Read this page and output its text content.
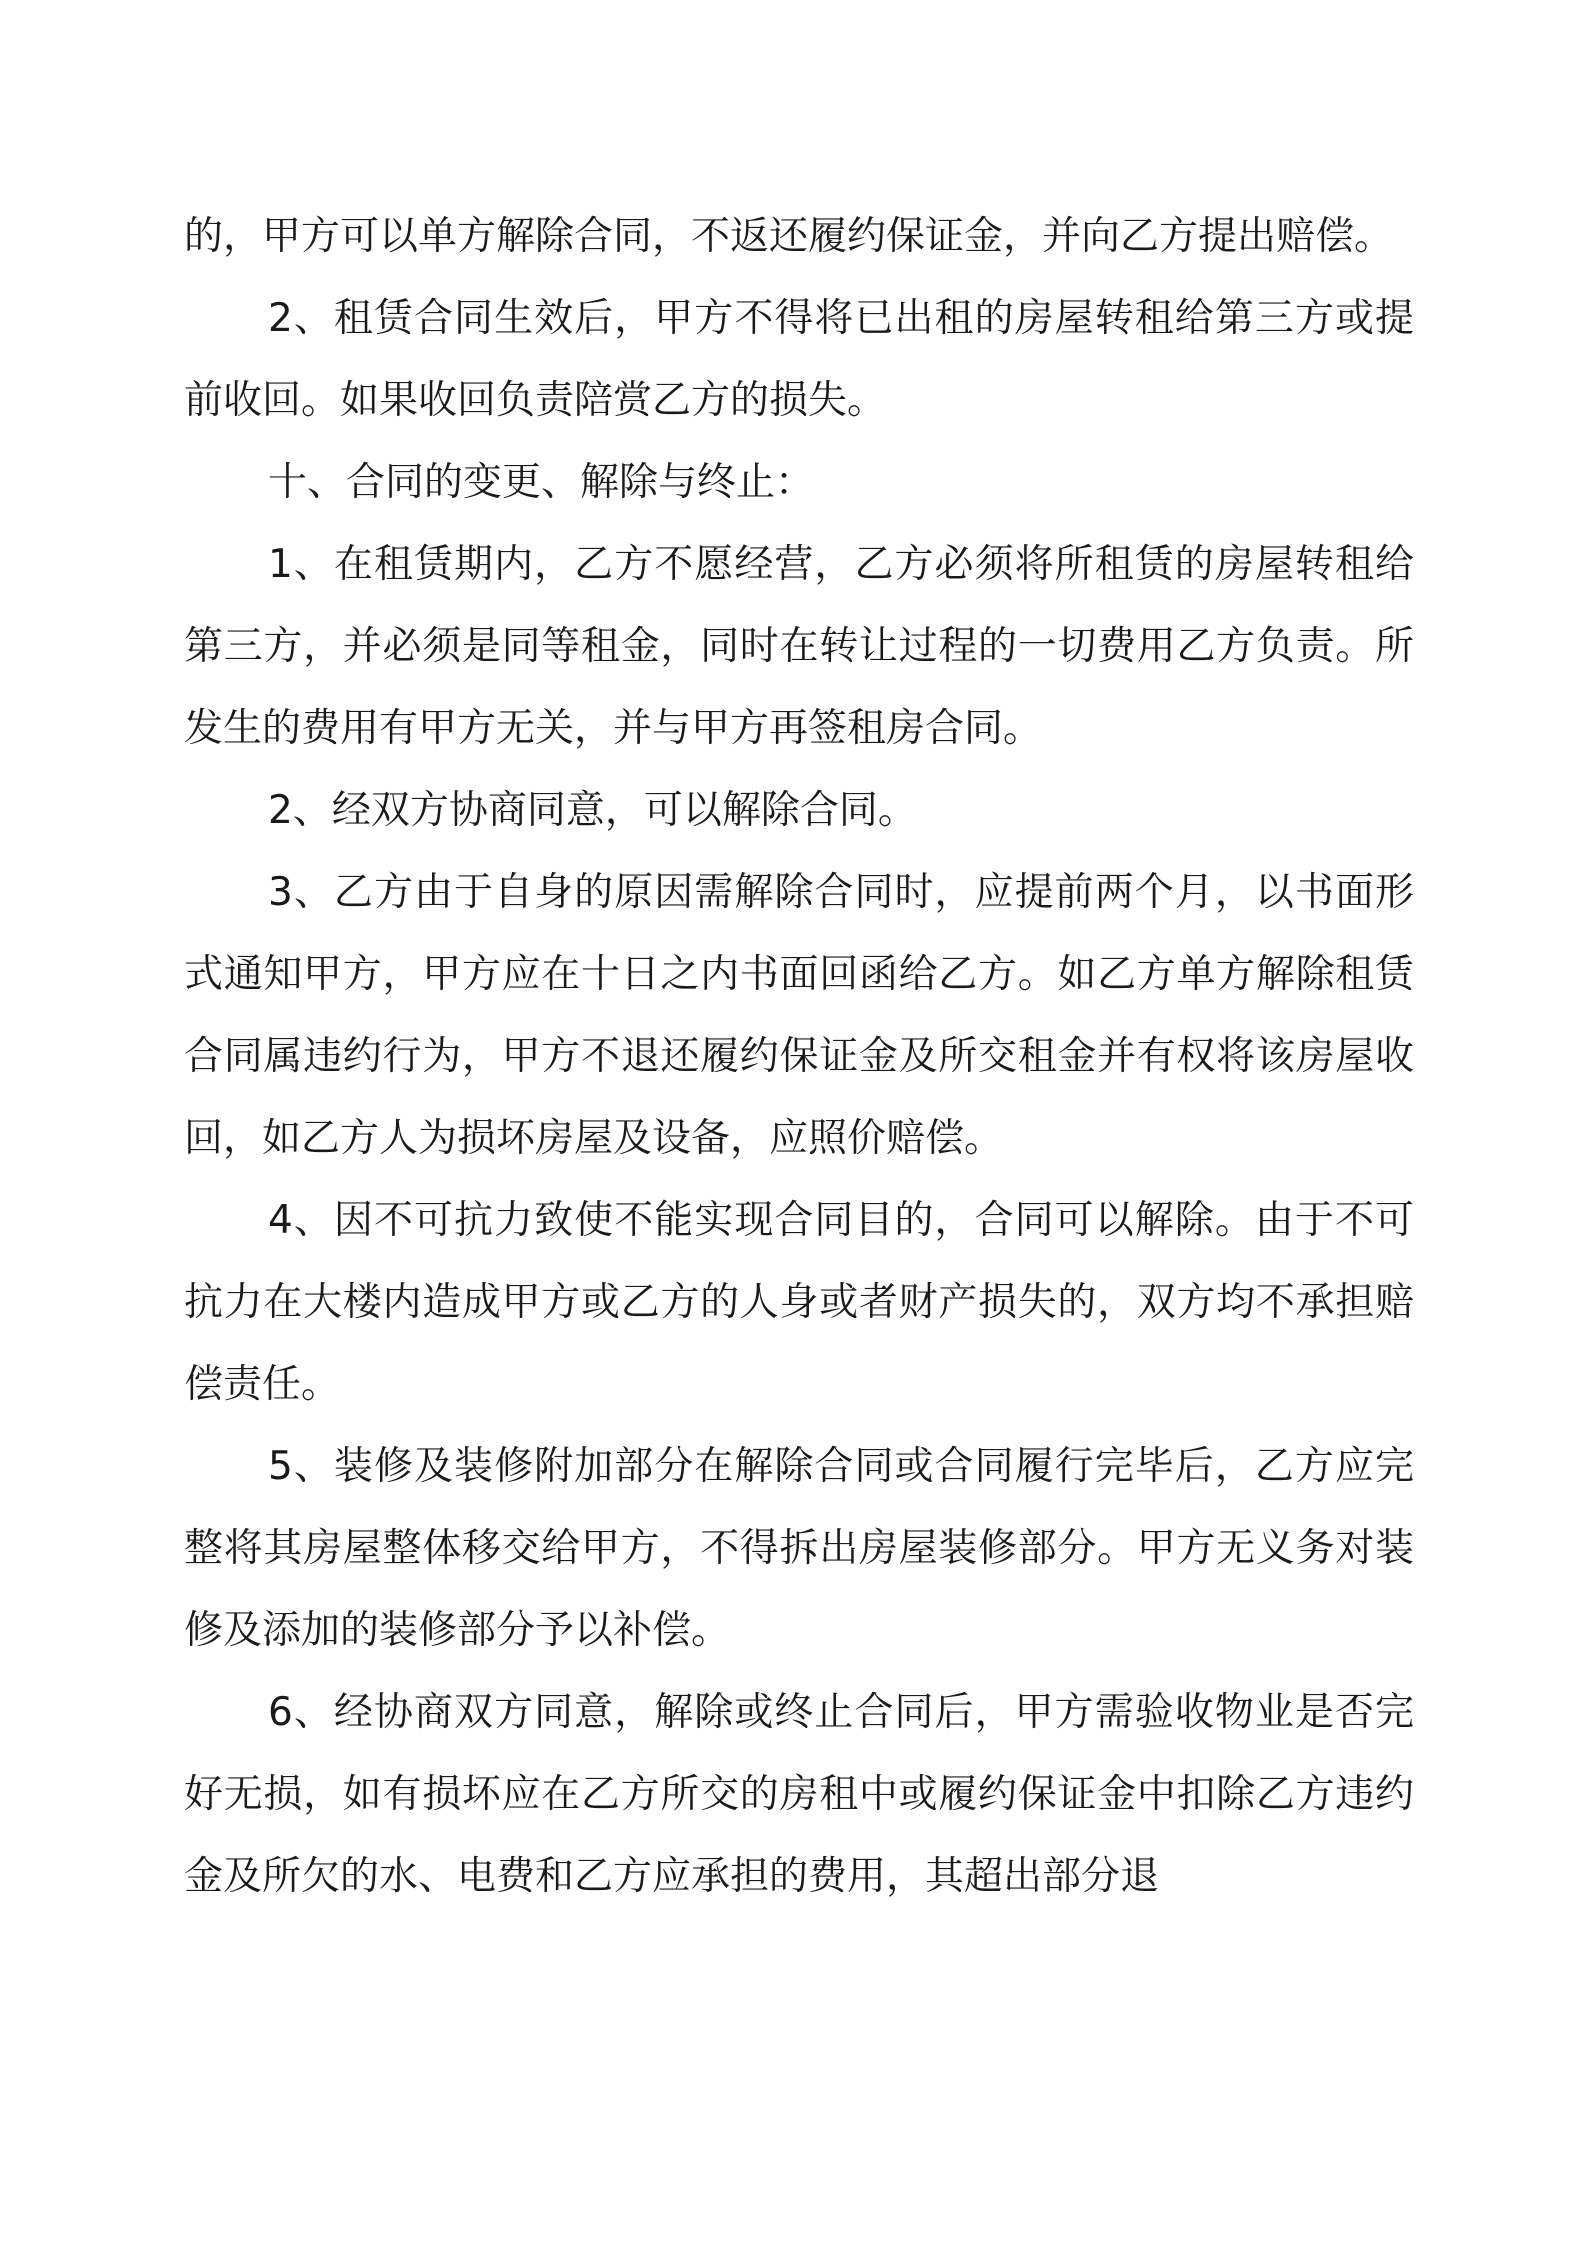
的，甲方可以单方解除合同，不返还履约保证金，并向乙方提出赔偿。

2、租赁合同生效后，甲方不得将已出租的房屋转租给第三方或提前收回。如果收回负责陪赏乙方的损失。

十、合同的变更、解除与终止：

1、在租赁期内，乙方不愿经营，乙方必须将所租赁的房屋转租给第三方，并必须是同等租金，同时在转让过程的一切费用乙方负责。所发生的费用有甲方无关，并与甲方再签租房合同。

2、经双方协商同意，可以解除合同。

3、乙方由于自身的原因需解除合同时，应提前两个月，以书面形式通知甲方，甲方应在十日之内书面回函给乙方。如乙方单方解除租赁合同属违约行为，甲方不退还履约保证金及所交租金并有权将该房屋收回，如乙方人为损坏房屋及设备，应照价赔偿。

4、因不可抗力致使不能实现合同目的，合同可以解除。由于不可抗力在大楼内造成甲方或乙方的人身或者财产损失的，双方均不承担赔偿责任。

5、装修及装修附加部分在解除合同或合同履行完毕后，乙方应完整将其房屋整体移交给甲方，不得拆出房屋装修部分。甲方无义务对装修及添加的装修部分予以补偿。

6、经协商双方同意，解除或终止合同后，甲方需验收物业是否完好无损，如有损坏应在乙方所交的房租中或履约保证金中扣除乙方违约金及所欠的水、电费和乙方应承担的费用，其超出部分退
